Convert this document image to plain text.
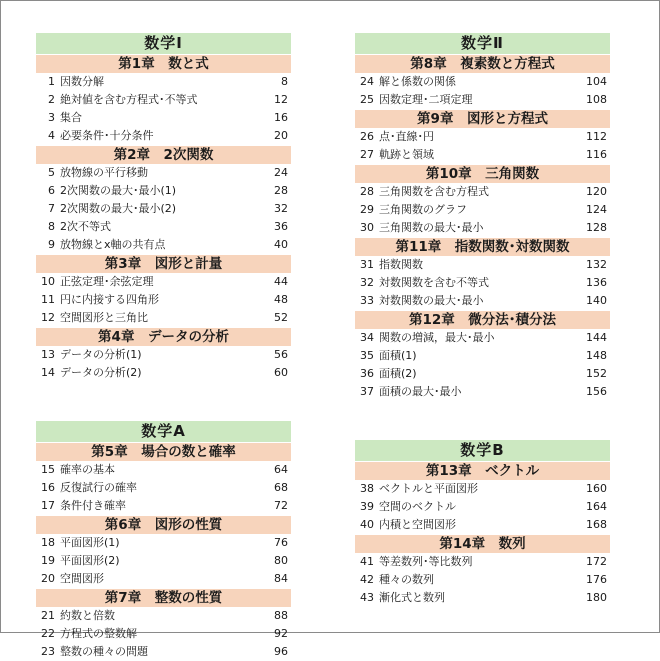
数学Ⅰ
第1章　数と式
1 因数分解	8
2 絶対値を含む方程式･不等式	12
3 集合	16
4 必要条件･十分条件	20
第2章　2次関数
5 放物線の平行移動	24
6 2次関数の最大･最小(1)	28
7 2次関数の最大･最小(2)	32
8 2次不等式	36
9 放物線とx軸の共有点	40
第3章　図形と計量
10 正弦定理･余弦定理	44
11 円に内接する四角形	48
12 空間図形と三角比	52
第4章　データの分析
13 データの分析(1)	56
14 データの分析(2)	60
数学A
第5章　場合の数と確率
15 確率の基本	64
16 反復試行の確率	68
17 条件付き確率	72
第6章　図形の性質
18 平面図形(1)	76
19 平面図形(2)	80
20 空間図形	84
第7章　整数の性質
21 約数と倍数	88
22 方程式の整数解	92
23 整数の種々の問題	96
数学Ⅱ
第8章　複素数と方程式
24 解と係数の関係	104
25 因数定理･二項定理	108
第9章　図形と方程式
26 点･直線･円	112
27 軌跡と領域	116
第10章　三角関数
28 三角関数を含む方程式	120
29 三角関数のグラフ	124
30 三角関数の最大･最小	128
第11章　指数関数･対数関数
31 指数関数	132
32 対数関数を含む不等式	136
33 対数関数の最大･最小	140
第12章　微分法･積分法
34 関数の増減，最大･最小	144
35 面積(1)	148
36 面積(2)	152
37 面積の最大･最小	156
数学B
第13章　ベクトル
38 ベクトルと平面図形	160
39 空間のベクトル	164
40 内積と空間図形	168
第14章　数列
41 等差数列･等比数列	172
42 種々の数列	176
43 漸化式と数列	180
